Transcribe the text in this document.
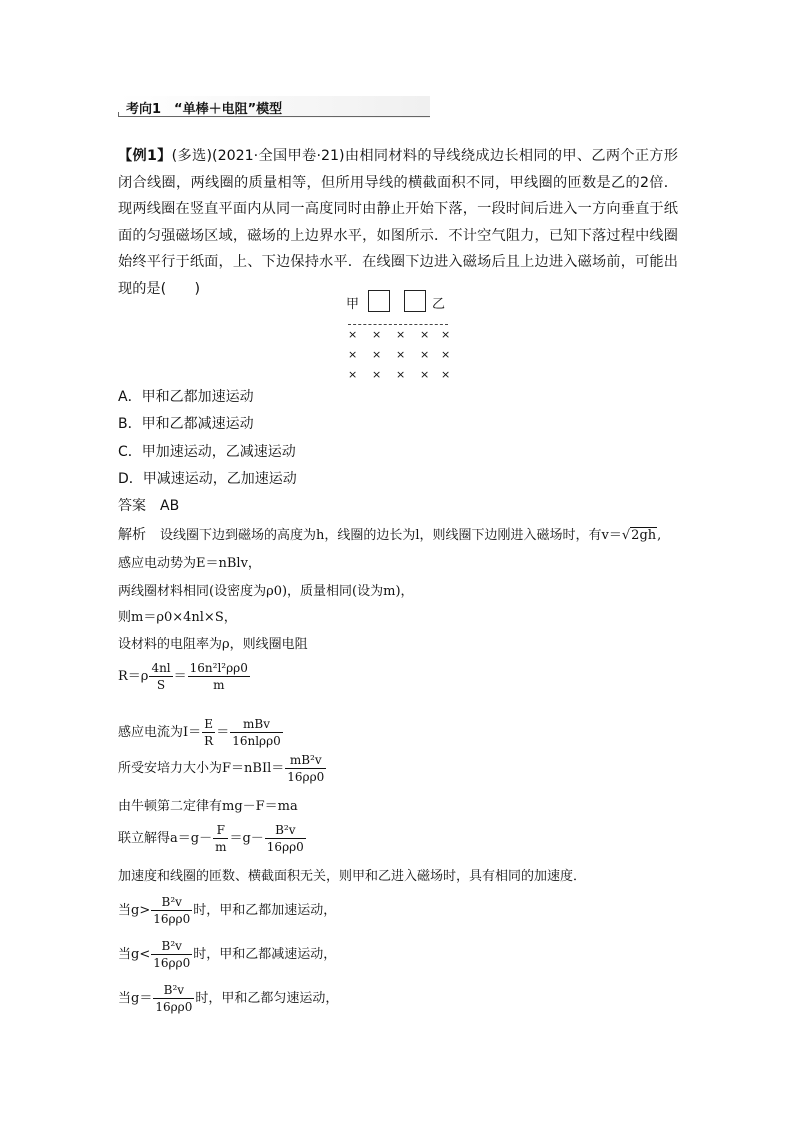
考向1　“单棒＋电阻”模型
【例1】(多选)(2021·全国甲卷·21)由相同材料的导线绕成边长相同的甲、乙两个正方形闭合线圈，两线圈的质量相等，但所用导线的横截面积不同，甲线圈的匝数是乙的2倍．现两线圈在竖直平面内从同一高度同时由静止开始下落，一段时间后进入一方向垂直于纸面的匀强磁场区域，磁场的上边界水平，如图所示．不计空气阻力，已知下落过程中线圈始终平行于纸面，上、下边保持水平．在线圈下边进入磁场后且上边进入磁场前，可能出现的是(　　)
甲	乙
× × × × ×
× × × × ×
× × × × ×
A．甲和乙都加速运动
B．甲和乙都减速运动
C．甲加速运动，乙减速运动
D．甲减速运动，乙加速运动
答案 AB
解析 设线圈下边到磁场的高度为h，线圈的边长为l，则线圈下边刚进入磁场时，有v＝√2gh,
感应电动势为E＝nBlv，
两线圈材料相同(设密度为ρ0)，质量相同(设为m)，
则m＝ρ0×4nl×S，
设材料的电阻率为ρ，则线圈电阻
$R=\rho \frac{4nl}{S} = \frac{\text{16n²l²ρρ0}}{m}$
感应电流为$I= \frac{E}{R} = \frac{\text{mBv}}{\text{16nlρρ0}}$
所受安培力大小为F＝nBIl＝ $\frac{\text{mB²v}}{16\rho\rho 0}$
由牛顿第二定律有mg－F＝ma
联立解得$a=g- \frac{F}{m} =g- \frac{\text{B²v}}{16\rho\rho 0}$
加速度和线圈的匝数、横截面积无关，则甲和乙进入磁场时，具有相同的加速度．
当$g> \frac{\text{B²v}}{16\rho\rho 0}$ 时，甲和乙都加速运动，
当$g< \frac{\text{B²v}}{16\rho\rho 0}$ 时，甲和乙都减速运动，
当$g= \frac{\text{B²v}}{16\rho\rho 0}$ 时，甲和乙都匀速运动，
